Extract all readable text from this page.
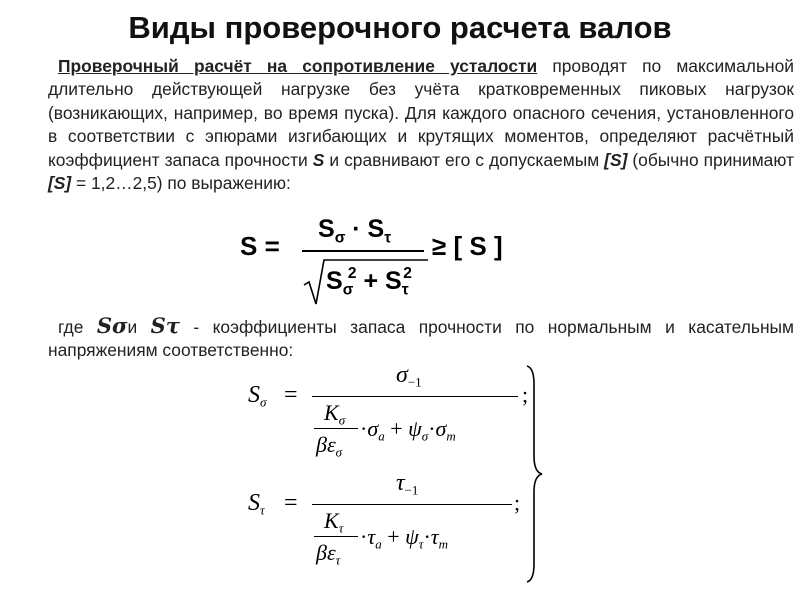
Виды проверочного расчета валов
Проверочный расчёт на сопротивление усталости проводят по максимальной длительно действующей нагрузке без учёта кратковременных пиковых нагрузок (возникающих, например, во время пуска). Для каждого опасного сечения, установленного в соответствии с эпюрами изгибающих и крутящих моментов, определяют расчётный коэффициент запаса прочности S и сравнивают его с допускаемым [S] (обычно принимают [S] = 1,2…2,5) по выражению:
S =
$S_\sigma \cdot S_\tau$
$S_\sigma^2 + S_\tau^2$
≥ [ S ]
где Sσи Sτ - коэффициенты запаса прочности по нормальным и касательным напряжениям соответственно:
Sσ =
σ−1
$K_\sigma$
$\beta\varepsilon_\sigma$
$\cdot\sigma_a + \psi_\sigma\cdot\sigma_m$
;
Sτ =
τ−1
$K_\tau$
$\beta\varepsilon_\tau$
$\cdot\tau_a + \psi_\tau\cdot\tau_m$
;
